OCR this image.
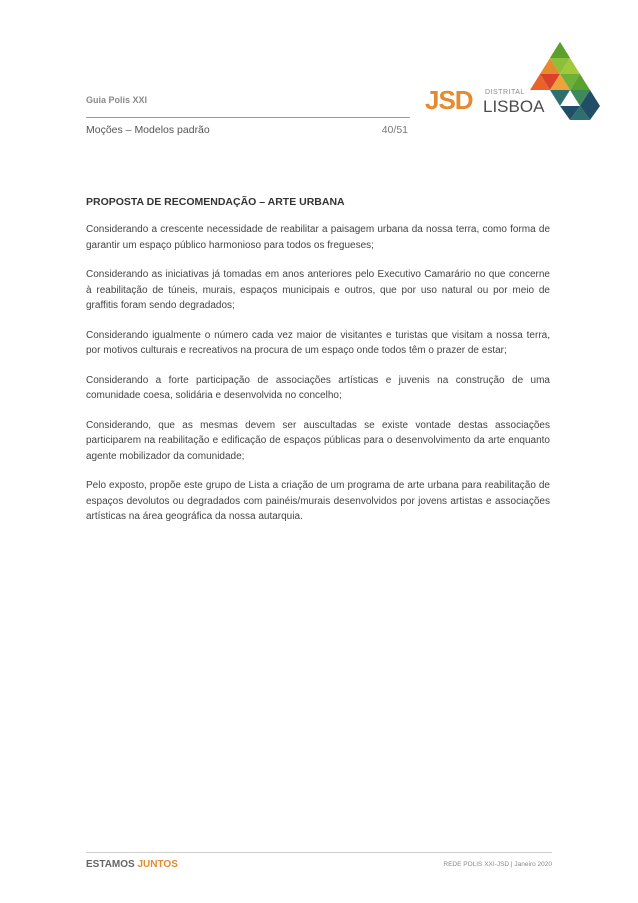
Guia Polis XXI
Moções – Modelos padrão	40/51
JSD DISTRITAL
LISBOA
PROPOSTA DE RECOMENDAÇÃO – ARTE URBANA

Considerando a crescente necessidade de reabilitar a paisagem urbana da nossa terra, como forma de garantir um espaço público harmonioso para todos os fregueses;

Considerando as iniciativas já tomadas em anos anteriores pelo Executivo Camarário no que concerne à reabilitação de túneis, murais, espaços municipais e outros, que por uso natural ou por meio de graffitis foram sendo degradados;

Considerando igualmente o número cada vez maior de visitantes e turistas que visitam a nossa terra, por motivos culturais e recreativos na procura de um espaço onde todos têm o prazer de estar;

Considerando a forte participação de associações artísticas e juvenis na construção de uma comunidade coesa, solidária e desenvolvida no concelho;

Considerando, que as mesmas devem ser auscultadas se existe vontade destas associações participarem na reabilitação e edificação de espaços públicas para o desenvolvimento da arte enquanto agente mobilizador da comunidade;

Pelo exposto, propõe este grupo de Lista a criação de um programa de arte urbana para reabilitação de espaços devolutos ou degradados com painéis/murais desenvolvidos por jovens artistas e associações artísticas na área geográfica da nossa autarquia.

ESTAMOS JUNTOS	REDE POLIS XXI-JSD | Janeiro 2020
